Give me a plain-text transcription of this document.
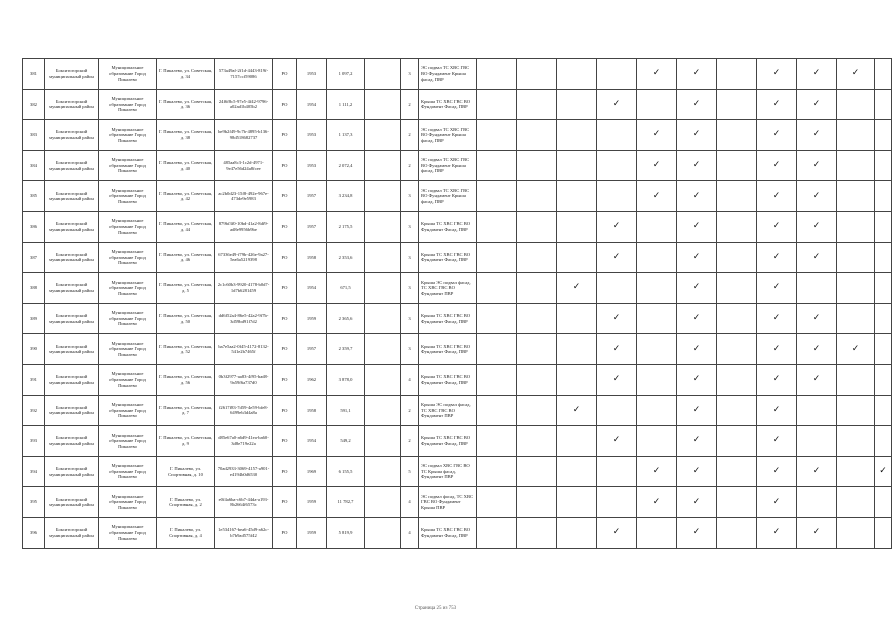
381	Бокситогорский муниципальный район	Муниципальное образование Город Пикалево	Г. Пикалево, ул. Советская, д. 34	573a49af-2f1d-4443-819f-7157ccf59086	РО	1953	1 097,2		3	ЭС подвал ТС ХВС ГВС ВО Фундамент Крыша фасад, ПВР					✓	✓		✓	✓	✓	
382	Бокситогорский муниципальный район	Муниципальное образование Город Пикалево	Г. Пикалево, ул. Советская, д. 36	24f6f8c5-97e5-4f42-9796-a02ad1b405b2	РО	1954	1 111,2		2	Крыша ТС ХВС ГВС ВО Фундамент Фасад, ПВР				✓		✓		✓	✓		
383	Бокситогорский муниципальный район	Муниципальное образование Город Пикалево	Г. Пикалево, ул. Советская, д. 38	be9b2f49-9c7b-4895-b136-98d518682737	РО	1953	1 137,3		2	ЭС подвал ТС ХВС ГВС ВО Фундамент Крыша фасад, ПВР					✓	✓		✓	✓		
384	Бокситогорский муниципальный район	Муниципальное образование Город Пикалево	Г. Пикалево, ул. Советская, д. 40	485aa8c3-1c2d-4971-9e47e56d24a8fcee	РО	1953	2 072,4		2	ЭС подвал ТС ХВС ГВС ВО Фундамент Крыша фасад, ПВР					✓	✓		✓	✓		
385	Бокситогорский муниципальный район	Муниципальное образование Город Пикалево	Г. Пикалево, ул. Советская, д. 42	ac2b0d23-15f8-492e-967e-473de9e5983	РО	1957	3 234,8		3	ЭС подвал ТС ХВС ГВС ВО Фундамент Крыша фасад, ПВР					✓	✓		✓	✓		
386	Бокситогорский муниципальный район	Муниципальное образование Город Пикалево	Г. Пикалево, ул. Советская, д. 44	879bf3f0-10bd-41a2-8df9-ad8e9956b9be	РО	1957	2 175,5		3	Крыша ТС ХВС ГВС ВО Фундамент Фасад, ПВР				✓		✓		✓	✓		
387	Бокситогорский муниципальный район	Муниципальное образование Город Пикалево	Г. Пикалево, ул. Советская, д. 46	67336e49-f79b-426e-9a27-5ea6a5219398	РО	1958	2 353,6		3	Крыша ТС ХВС ГВС ВО Фундамент Фасад, ПВР				✓		✓		✓	✓		
388	Бокситогорский муниципальный район	Муниципальное образование Город Пикалево	Г. Пикалево, ул. Советская, д. 5	2c1c60b3-9920-4178-b0d7-1d7b6281459	РО	1954	671,5		3	Крыша ЭС подвал фасад, ТС ХВС ГВС ВО Фундамент ПВР			✓			✓		✓			
389	Бокситогорский муниципальный район	Муниципальное образование Город Пикалево	Г. Пикалево, ул. Советская, д. 50	dd6f52a4-86e5-42a2-9f7b-3d59bd91f7d2	РО	1959	2 365,6		3	Крыша ТС ХВС ГВС ВО Фундамент Фасад, ПВР				✓		✓		✓	✓		
390	Бокситогорский муниципальный район	Муниципальное образование Город Пикалево	Г. Пикалево, ул. Советская, д. 52	ba7e5aa2-0f45-4172-8132-541e2b7465f	РО	1957	2 359,7		3	Крыша ТС ХВС ГВС ВО Фундамент Фасад, ПВР				✓		✓		✓	✓	✓	
391	Бокситогорский муниципальный район	Муниципальное образование Город Пикалево	Г. Пикалево, ул. Советская, д. 56	0b3f2977-aa83-4f95-bad8-9a59f6a737d0	РО	1962	3 878,0		4	Крыша ТС ХВС ГВС ВО Фундамент Фасад, ПВР				✓		✓		✓	✓		
392	Бокситогорский муниципальный район	Муниципальное образование Город Пикалево	Г. Пикалево, ул. Советская, д. 7	f2617f83-7d59-4e59-bfe8-6499eb3d4a8a	РО	1958	591,1		2	Крыша ЭС подвал фасад, ТС ХВС ГВС ВО Фундамент ПВР			✓			✓		✓			
393	Бокситогорский муниципальный район	Муниципальное образование Город Пикалево	Г. Пикалево, ул. Советская, д. 9	d85e67a0-a6d9-41ea-ba60-3d8e719e22a	РО	1954	549,2		2	Крыша ТС ХВС ГВС ВО Фундамент Фасад, ПВР				✓		✓		✓			
394	Бокситогорский муниципальный район	Муниципальное образование Город Пикалево	Г. Пикалево, ул. Спортивная, д. 10	70ad2933-3069-4157-a901-e4194b0d6530	РО	1969	6 155,5		5	ЭС подвал ХВС ГВС ВО ТС Крыша фасад, Фундамент ПВР					✓	✓		✓	✓		✓
395	Бокситогорский муниципальный район	Муниципальное образование Город Пикалево	Г. Пикалево, ул. Спортивная, д. 2	e0f4a6ba-c6b7-44da-a193-8b2664f6573c	РО	1959	11 782,7		4	ЭС подвал фасад, ТС ХВС ГВС ВО Фундамент Крыша ПВР					✓	✓		✓			
396	Бокситогорский муниципальный район	Муниципальное образование Город Пикалево	Г. Пикалево, ул. Спортивная, д. 4	1e534167-bea6-45d9-a62c-b7b9ad575f42	РО	1959	5 819,9		4	Крыша ТС ХВС ГВС ВО Фундамент Фасад, ПВР				✓		✓		✓	✓		
Страница 25 из 753
